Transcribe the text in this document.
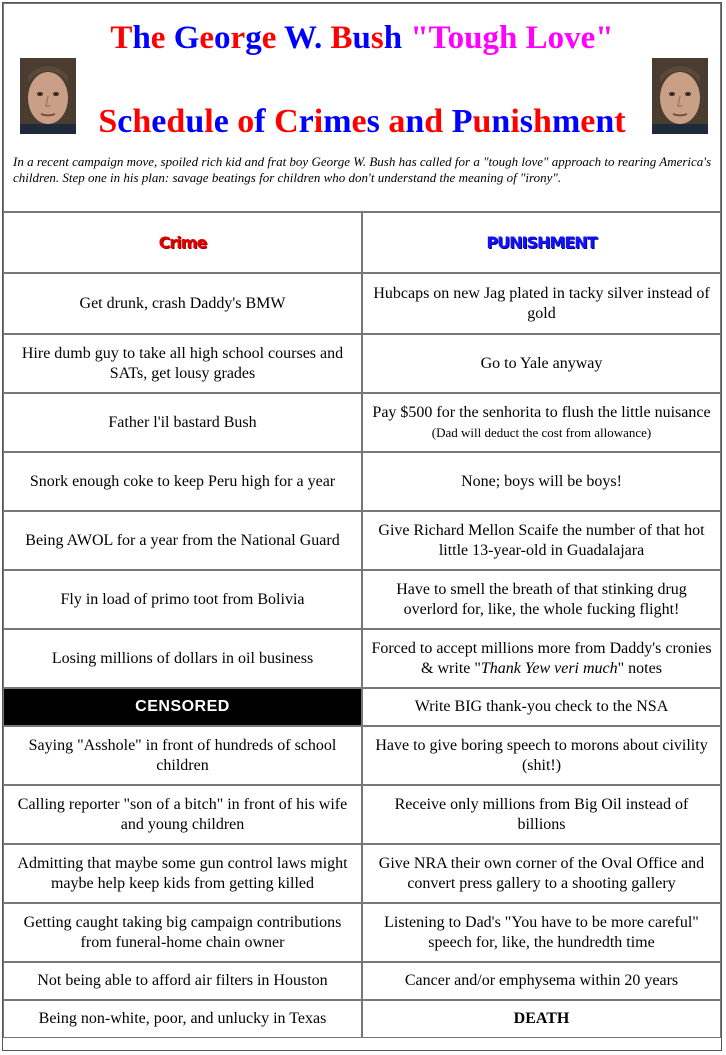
The George W. Bush "Tough Love"
Schedule of Crimes and Punishment
In a recent campaign move, spoiled rich kid and frat boy George W. Bush has called for a "tough love" approach to rearing America's children. Step one in his plan: savage beatings for children who don't understand the meaning of "irony".
Crime	PUNISHMENT
Get drunk, crash Daddy's BMW	Hubcaps on new Jag plated in tacky silver instead of gold
Hire dumb guy to take all high school courses and SATs, get lousy grades	Go to Yale anyway
Father l'il bastard Bush	Pay $500 for the senhorita to flush the little nuisance (Dad will deduct the cost from allowance)
Snork enough coke to keep Peru high for a year	None; boys will be boys!
Being AWOL for a year from the National Guard	Give Richard Mellon Scaife the number of that hot little 13-year-old in Guadalajara
Fly in load of primo toot from Bolivia	Have to smell the breath of that stinking drug overlord for, like, the whole fucking flight!
Losing millions of dollars in oil business	Forced to accept millions more from Daddy's cronies & write "Thank Yew veri much" notes
CENSORED	Write BIG thank-you check to the NSA
Saying "Asshole" in front of hundreds of school children	Have to give boring speech to morons about civility (shit!)
Calling reporter "son of a bitch" in front of his wife and young children	Receive only millions from Big Oil instead of billions
Admitting that maybe some gun control laws might maybe help keep kids from getting killed	Give NRA their own corner of the Oval Office and convert press gallery to a shooting gallery
Getting caught taking big campaign contributions from funeral-home chain owner	Listening to Dad's "You have to be more careful" speech for, like, the hundredth time
Not being able to afford air filters in Houston	Cancer and/or emphysema within 20 years
Being non-white, poor, and unlucky in Texas	DEATH
